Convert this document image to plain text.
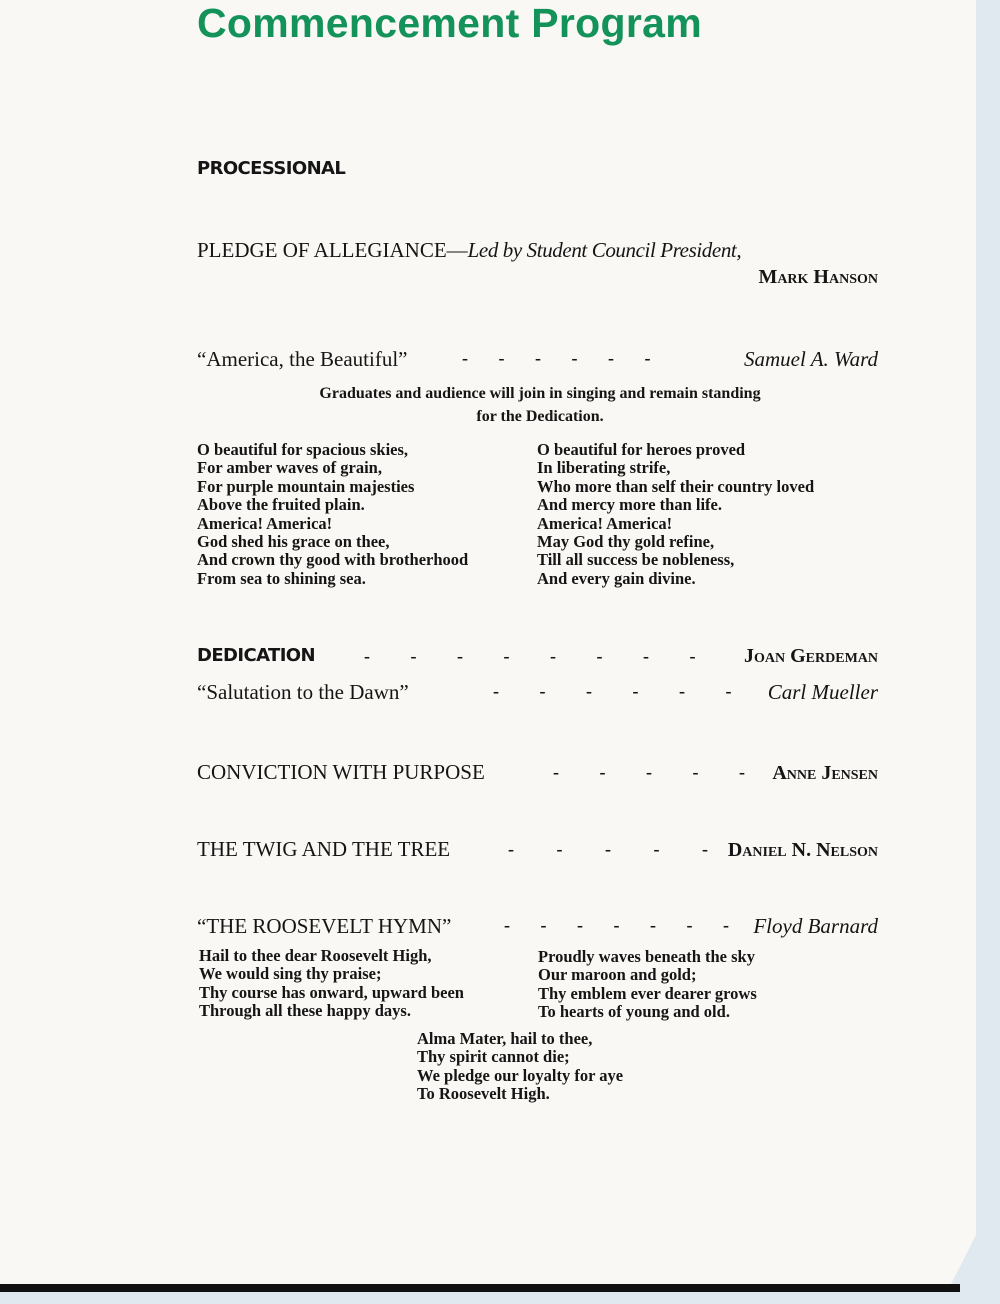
Commencement Program
PROCESSIONAL
PLEDGE OF ALLEGIANCE—Led by Student Council President,
Mark Hanson
“America, the Beautiful”	- - - - - -	Samuel A. Ward
Graduates and audience will join in singing and remain standing
for the Dedication.
O beautiful for spacious skies,
For amber waves of grain,
For purple mountain majesties
Above the fruited plain.
America! America!
God shed his grace on thee,
And crown thy good with brotherhood
From sea to shining sea.
O beautiful for heroes proved
In liberating strife,
Who more than self their country loved
And mercy more than life.
America! America!
May God thy gold refine,
Till all success be nobleness,
And every gain divine.
DEDICATION	- - - - - - - - Joan Gerdeman
“Salutation to the Dawn”	- - - - - - Carl Mueller
CONVICTION WITH PURPOSE	- - - - - Anne Jensen
THE TWIG AND THE TREE	- - - - - Daniel N. Nelson
“THE ROOSEVELT HYMN”	- - - - - - - Floyd Barnard
Hail to thee dear Roosevelt High,
We would sing thy praise;
Thy course has onward, upward been
Through all these happy days.
Proudly waves beneath the sky
Our maroon and gold;
Thy emblem ever dearer grows
To hearts of young and old.
Alma Mater, hail to thee,
Thy spirit cannot die;
We pledge our loyalty for aye
To Roosevelt High.
